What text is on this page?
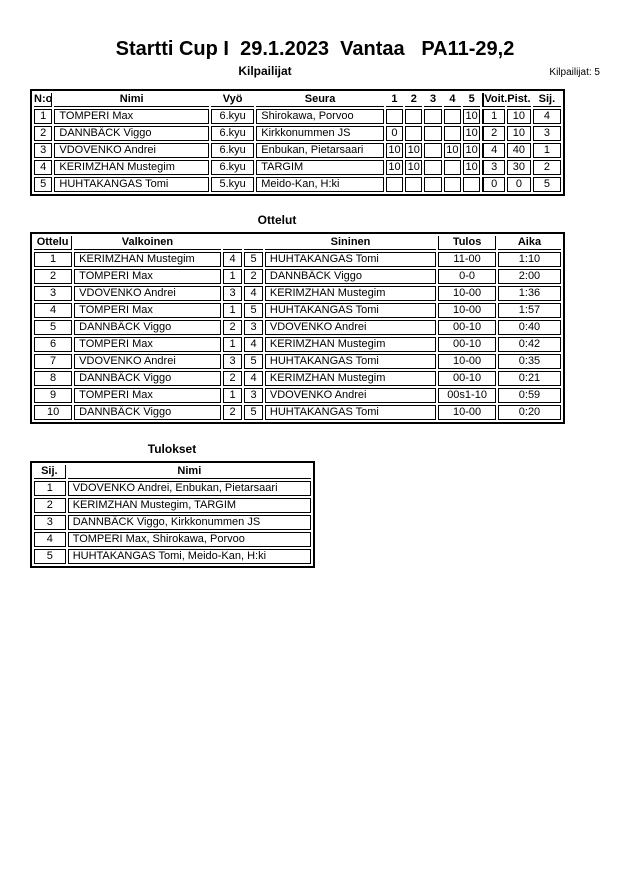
Startti Cup I  29.1.2023  Vantaa   PA11-29,2
Kilpailijat	Kilpailijat: 5
N:o	Nimi	Vyö	Seura	1	2	3	4	5	Voit.	Pist.	Sij.
1	TOMPERI Max	6.kyu	Shirokawa, Porvoo					10	1	10	4
2	DANNBÄCK Viggo	6.kyu	Kirkkonummen JS	0				10	2	10	3
3	VDOVENKO Andrei	6.kyu	Enbukan, Pietarsaari	10	10		10	10	4	40	1
4	KERIMZHAN Mustegim	6.kyu	TARGIM	10	10			10	3	30	2
5	HUHTAKANGAS Tomi	5.kyu	Meido-Kan, H:ki						0	0	5
Ottelut
Ottelu	Valkoinen			Sininen	Tulos	Aika
1	KERIMZHAN Mustegim	4	5	HUHTAKANGAS Tomi	11-00	1:10
2	TOMPERI Max	1	2	DANNBÄCK Viggo	0-0	2:00
3	VDOVENKO Andrei	3	4	KERIMZHAN Mustegim	10-00	1:36
4	TOMPERI Max	1	5	HUHTAKANGAS Tomi	10-00	1:57
5	DANNBÄCK Viggo	2	3	VDOVENKO Andrei	00-10	0:40
6	TOMPERI Max	1	4	KERIMZHAN Mustegim	00-10	0:42
7	VDOVENKO Andrei	3	5	HUHTAKANGAS Tomi	10-00	0:35
8	DANNBÄCK Viggo	2	4	KERIMZHAN Mustegim	00-10	0:21
9	TOMPERI Max	1	3	VDOVENKO Andrei	00s1-10	0:59
10	DANNBÄCK Viggo	2	5	HUHTAKANGAS Tomi	10-00	0:20
Tulokset
Sij.	Nimi
1	VDOVENKO Andrei, Enbukan, Pietarsaari
2	KERIMZHAN Mustegim, TARGIM
3	DANNBÄCK Viggo, Kirkkonummen JS
4	TOMPERI Max, Shirokawa, Porvoo
5	HUHTAKANGAS Tomi, Meido-Kan, H:ki
